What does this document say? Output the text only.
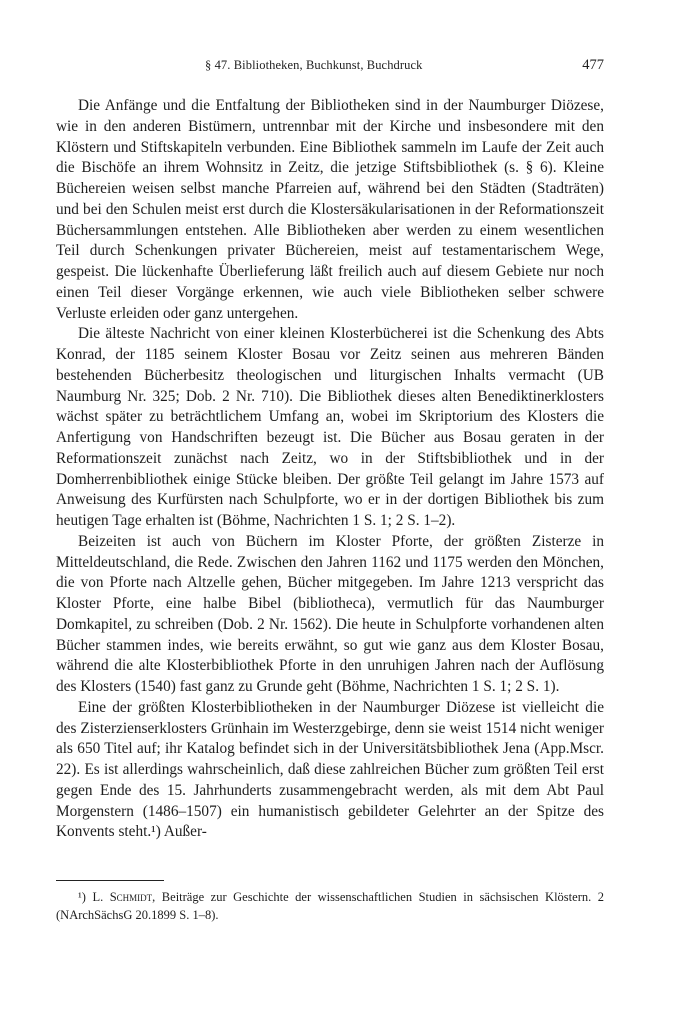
§ 47. Bibliotheken, Buchkunst, Buchdruck	477

Die Anfänge und die Entfaltung der Bibliotheken sind in der Naumburger Diözese, wie in den anderen Bistümern, untrennbar mit der Kirche und insbesondere mit den Klöstern und Stiftskapiteln verbunden. Eine Bibliothek sammeln im Laufe der Zeit auch die Bischöfe an ihrem Wohnsitz in Zeitz, die jetzige Stiftsbibliothek (s. § 6). Kleine Büchereien weisen selbst manche Pfarreien auf, während bei den Städten (Stadträten) und bei den Schulen meist erst durch die Klostersäkularisationen in der Reformationszeit Büchersammlungen entstehen. Alle Bibliotheken aber werden zu einem wesentlichen Teil durch Schenkungen privater Büchereien, meist auf testamentarischem Wege, gespeist. Die lückenhafte Überlieferung läßt freilich auch auf diesem Gebiete nur noch einen Teil dieser Vorgänge erkennen, wie auch viele Bibliotheken selber schwere Verluste erleiden oder ganz untergehen.

Die älteste Nachricht von einer kleinen Klosterbücherei ist die Schenkung des Abts Konrad, der 1185 seinem Kloster Bosau vor Zeitz seinen aus mehreren Bänden bestehenden Bücherbesitz theologischen und liturgischen Inhalts vermacht (UB Naumburg Nr. 325; Dob. 2 Nr. 710). Die Bibliothek dieses alten Benediktinerklosters wächst später zu beträchtlichem Umfang an, wobei im Skriptorium des Klosters die Anfertigung von Handschriften bezeugt ist. Die Bücher aus Bosau geraten in der Reformationszeit zunächst nach Zeitz, wo in der Stiftsbibliothek und in der Domherrenbibliothek einige Stücke bleiben. Der größte Teil gelangt im Jahre 1573 auf Anweisung des Kurfürsten nach Schulpforte, wo er in der dortigen Bibliothek bis zum heutigen Tage erhalten ist (Böhme, Nachrichten 1 S. 1; 2 S. 1–2).

Beizeiten ist auch von Büchern im Kloster Pforte, der größten Zisterze in Mitteldeutschland, die Rede. Zwischen den Jahren 1162 und 1175 werden den Mönchen, die von Pforte nach Altzelle gehen, Bücher mitgegeben. Im Jahre 1213 verspricht das Kloster Pforte, eine halbe Bibel (bibliotheca), vermutlich für das Naumburger Domkapitel, zu schreiben (Dob. 2 Nr. 1562). Die heute in Schulpforte vorhandenen alten Bücher stammen indes, wie bereits erwähnt, so gut wie ganz aus dem Kloster Bosau, während die alte Klosterbibliothek Pforte in den unruhigen Jahren nach der Auflösung des Klosters (1540) fast ganz zu Grunde geht (Böhme, Nachrichten 1 S. 1; 2 S. 1).

Eine der größten Klosterbibliotheken in der Naumburger Diözese ist vielleicht die des Zisterzienserklosters Grünhain im Westerzgebirge, denn sie weist 1514 nicht weniger als 650 Titel auf; ihr Katalog befindet sich in der Universitätsbibliothek Jena (App.Mscr. 22). Es ist allerdings wahrscheinlich, daß diese zahlreichen Bücher zum größten Teil erst gegen Ende des 15. Jahrhunderts zusammengebracht werden, als mit dem Abt Paul Morgenstern (1486–1507) ein humanistisch gebildeter Gelehrter an der Spitze des Konvents steht.¹) Außer-

¹) L. Schmidt, Beiträge zur Geschichte der wissenschaftlichen Studien in sächsischen Klöstern. 2 (NArchSächsG 20.1899 S. 1–8).
